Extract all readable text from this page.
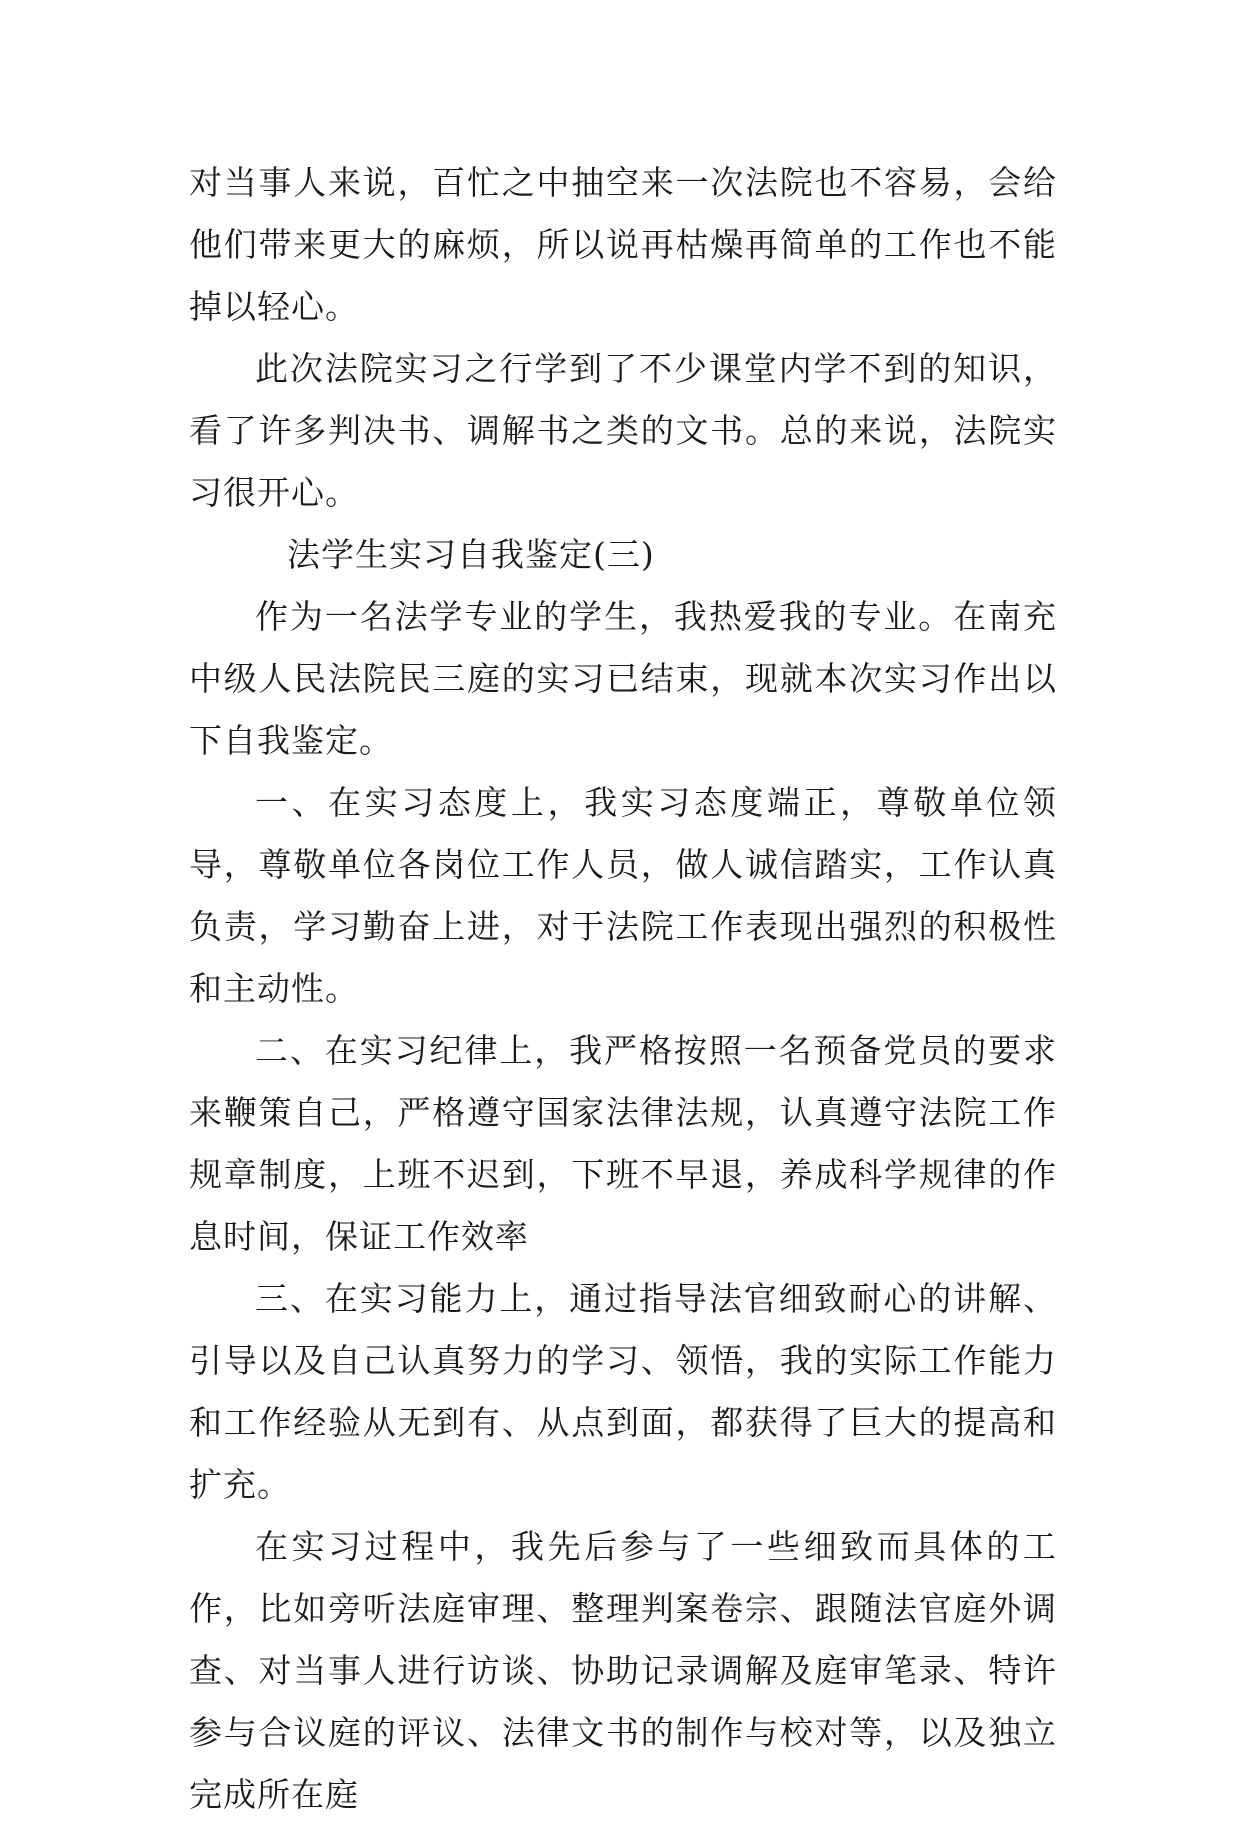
对当事人来说，百忙之中抽空来一次法院也不容易，会给他们带来更大的麻烦，所以说再枯燥再简单的工作也不能掉以轻心。

此次法院实习之行学到了不少课堂内学不到的知识，看了许多判决书、调解书之类的文书。总的来说，法院实习很开心。

法学生实习自我鉴定(三)

作为一名法学专业的学生，我热爱我的专业。在南充中级人民法院民三庭的实习已结束，现就本次实习作出以下自我鉴定。

一、在实习态度上，我实习态度端正，尊敬单位领导，尊敬单位各岗位工作人员，做人诚信踏实，工作认真负责，学习勤奋上进，对于法院工作表现出强烈的积极性和主动性。

二、在实习纪律上，我严格按照一名预备党员的要求来鞭策自己，严格遵守国家法律法规，认真遵守法院工作规章制度，上班不迟到，下班不早退，养成科学规律的作息时间，保证工作效率

三、在实习能力上，通过指导法官细致耐心的讲解、引导以及自己认真努力的学习、领悟，我的实际工作能力和工作经验从无到有、从点到面，都获得了巨大的提高和扩充。

在实习过程中，我先后参与了一些细致而具体的工作，比如旁听法庭审理、整理判案卷宗、跟随法官庭外调查、对当事人进行访谈、协助记录调解及庭审笔录、特许参与合议庭的评议、法律文书的制作与校对等，以及独立完成所在庭
